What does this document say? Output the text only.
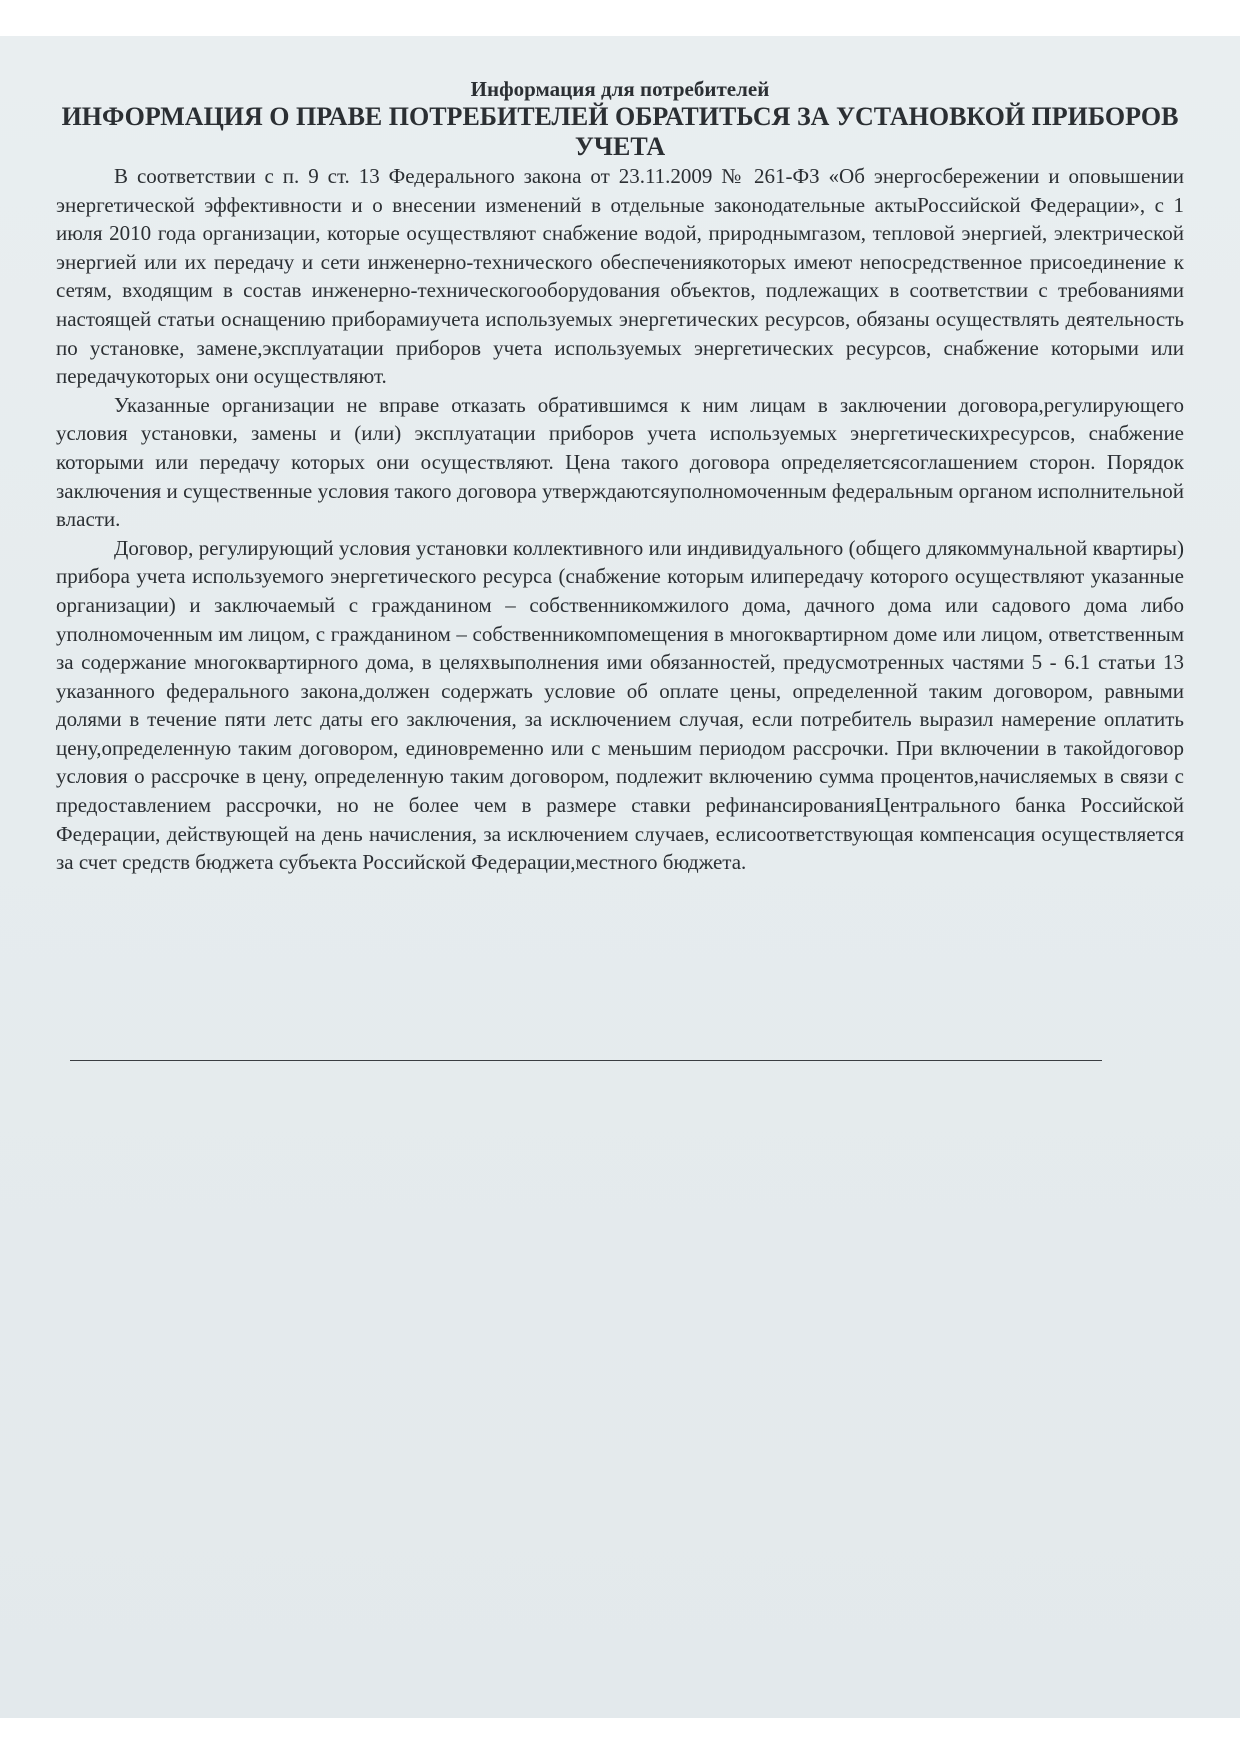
Информация для потребителей

ИНФОРМАЦИЯ О ПРАВЕ ПОТРЕБИТЕЛЕЙ ОБРАТИТЬСЯ ЗА УСТАНОВКОЙ ПРИБОРОВ УЧЕТА

В соответствии с п. 9 ст. 13 Федерального закона от 23.11.2009 № 261-ФЗ «Об энергосбережении и оповышении энергетической эффективности и о внесении изменений в отдельные законодательные актыРоссийской Федерации», с 1 июля 2010 года организации, которые осуществляют снабжение водой, природнымгазом, тепловой энергией, электрической энергией или их передачу и сети инженерно-технического обеспечениякоторых имеют непосредственное присоединение к сетям, входящим в состав инженерно-техническогооборудования объектов, подлежащих в соответствии с требованиями настоящей статьи оснащению приборамиучета используемых энергетических ресурсов, обязаны осуществлять деятельность по установке, замене,эксплуатации приборов учета используемых энергетических ресурсов, снабжение которыми или передачукоторых они осуществляют.

Указанные организации не вправе отказать обратившимся к ним лицам в заключении договора,регулирующего условия установки, замены и (или) эксплуатации приборов учета используемых энергетическихресурсов, снабжение которыми или передачу которых они осуществляют. Цена такого договора определяетсясоглашением сторон. Порядок заключения и существенные условия такого договора утверждаютсяуполномоченным федеральным органом исполнительной власти.

Договор, регулирующий условия установки коллективного или индивидуального (общего длякоммунальной квартиры) прибора учета используемого энергетического ресурса (снабжение которым илипередачу которого осуществляют указанные организации) и заключаемый с гражданином – собственникомжилого дома, дачного дома или садового дома либо уполномоченным им лицом, с гражданином – собственникомпомещения в многоквартирном доме или лицом, ответственным за содержание многоквартирного дома, в целяхвыполнения ими обязанностей, предусмотренных частями 5 - 6.1 статьи 13 указанного федерального закона,должен содержать условие об оплате цены, определенной таким договором, равными долями в течение пяти летс даты его заключения, за исключением случая, если потребитель выразил намерение оплатить цену,определенную таким договором, единовременно или с меньшим периодом рассрочки. При включении в такойдоговор условия о рассрочке в цену, определенную таким договором, подлежит включению сумма процентов,начисляемых в связи с предоставлением рассрочки, но не более чем в размере ставки рефинансированияЦентрального банка Российской Федерации, действующей на день начисления, за исключением случаев, еслисоответствующая компенсация осуществляется за счет средств бюджета субъекта Российской Федерации,местного бюджета.
